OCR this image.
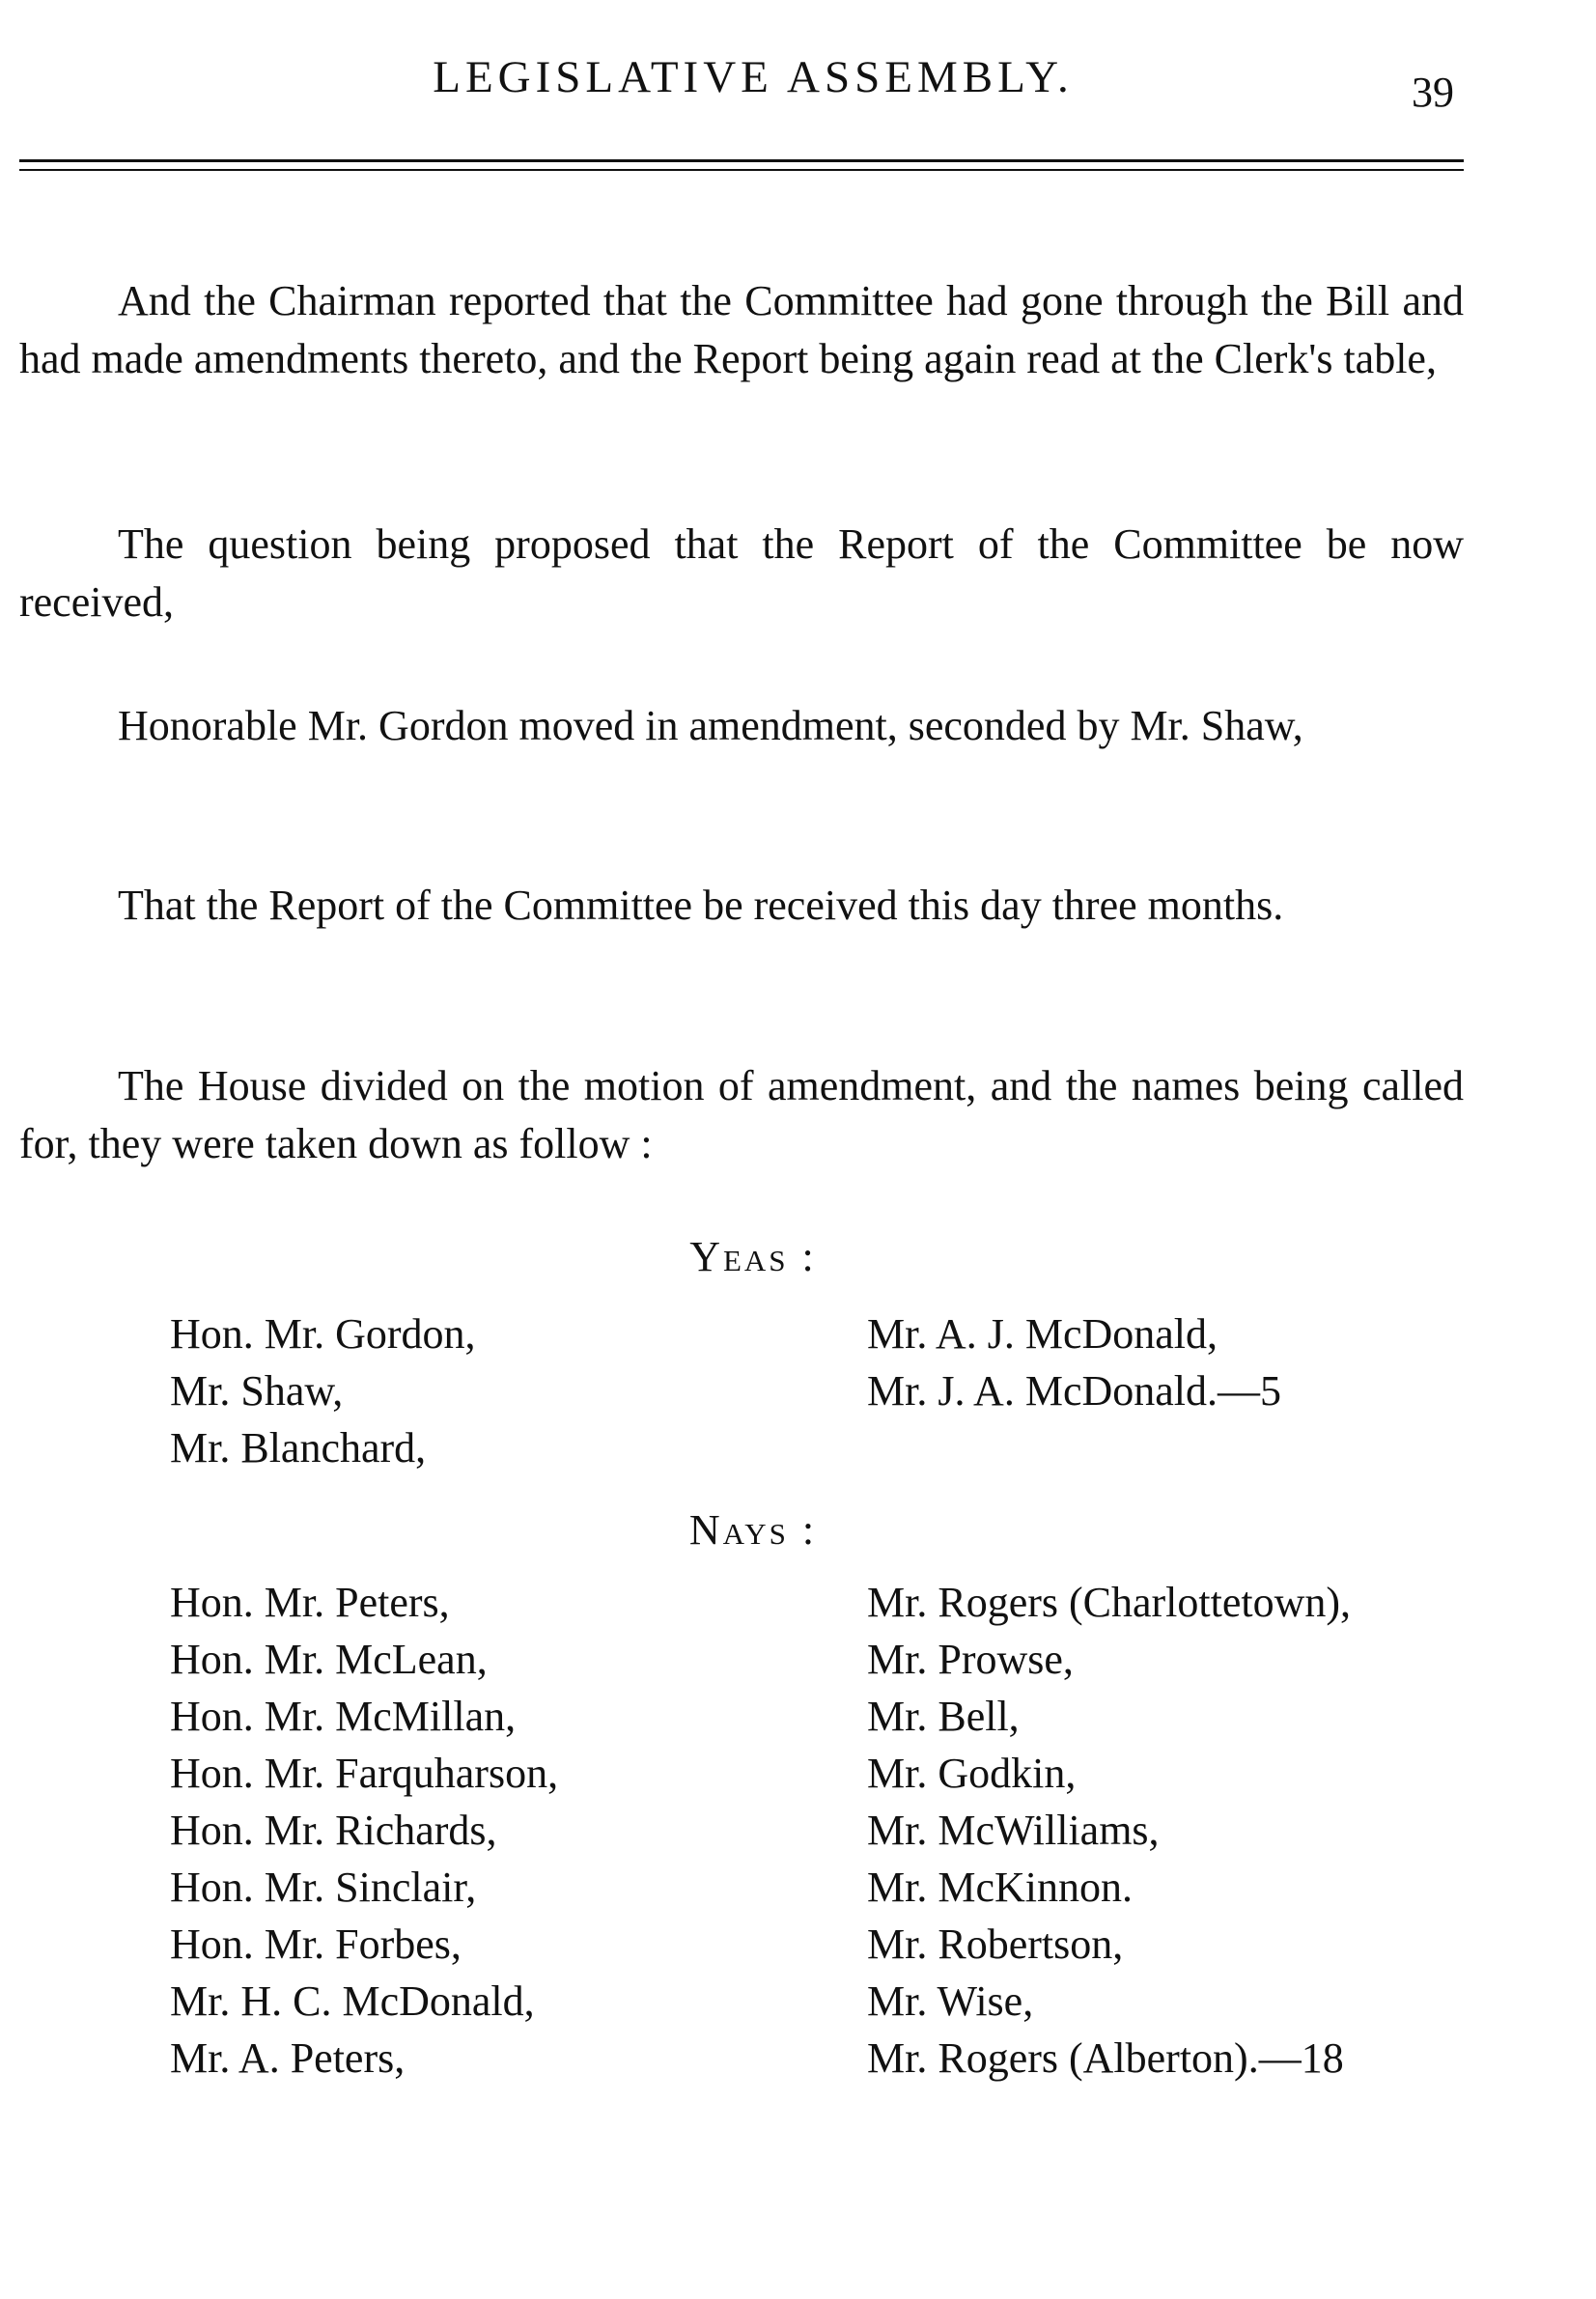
LEGISLATIVE ASSEMBLY.	39

And the Chairman reported that the Committee had gone through the Bill and had made amendments thereto, and the Report being again read at the Clerk's table,

The question being proposed that the Report of the Committee be now received,

Honorable Mr. Gordon moved in amendment, seconded by Mr. Shaw,

That the Report of the Committee be received this day three months.

The House divided on the motion of amendment, and the names being called for, they were taken down as follow :

Yeas :
Hon. Mr. Gordon,
Mr. Shaw,
Mr. Blanchard,
Mr. A. J. McDonald,
Mr. J. A. McDonald.—5
Nays :
Hon. Mr. Peters,
Hon. Mr. McLean,
Hon. Mr. McMillan,
Hon. Mr. Farquharson,
Hon. Mr. Richards,
Hon. Mr. Sinclair,
Hon. Mr. Forbes,
Mr. H. C. McDonald,
Mr. A. Peters,
Mr. Rogers (Charlottetown),
Mr. Prowse,
Mr. Bell,
Mr. Godkin,
Mr. McWilliams,
Mr. McKinnon.
Mr. Robertson,
Mr. Wise,
Mr. Rogers (Alberton).—18
